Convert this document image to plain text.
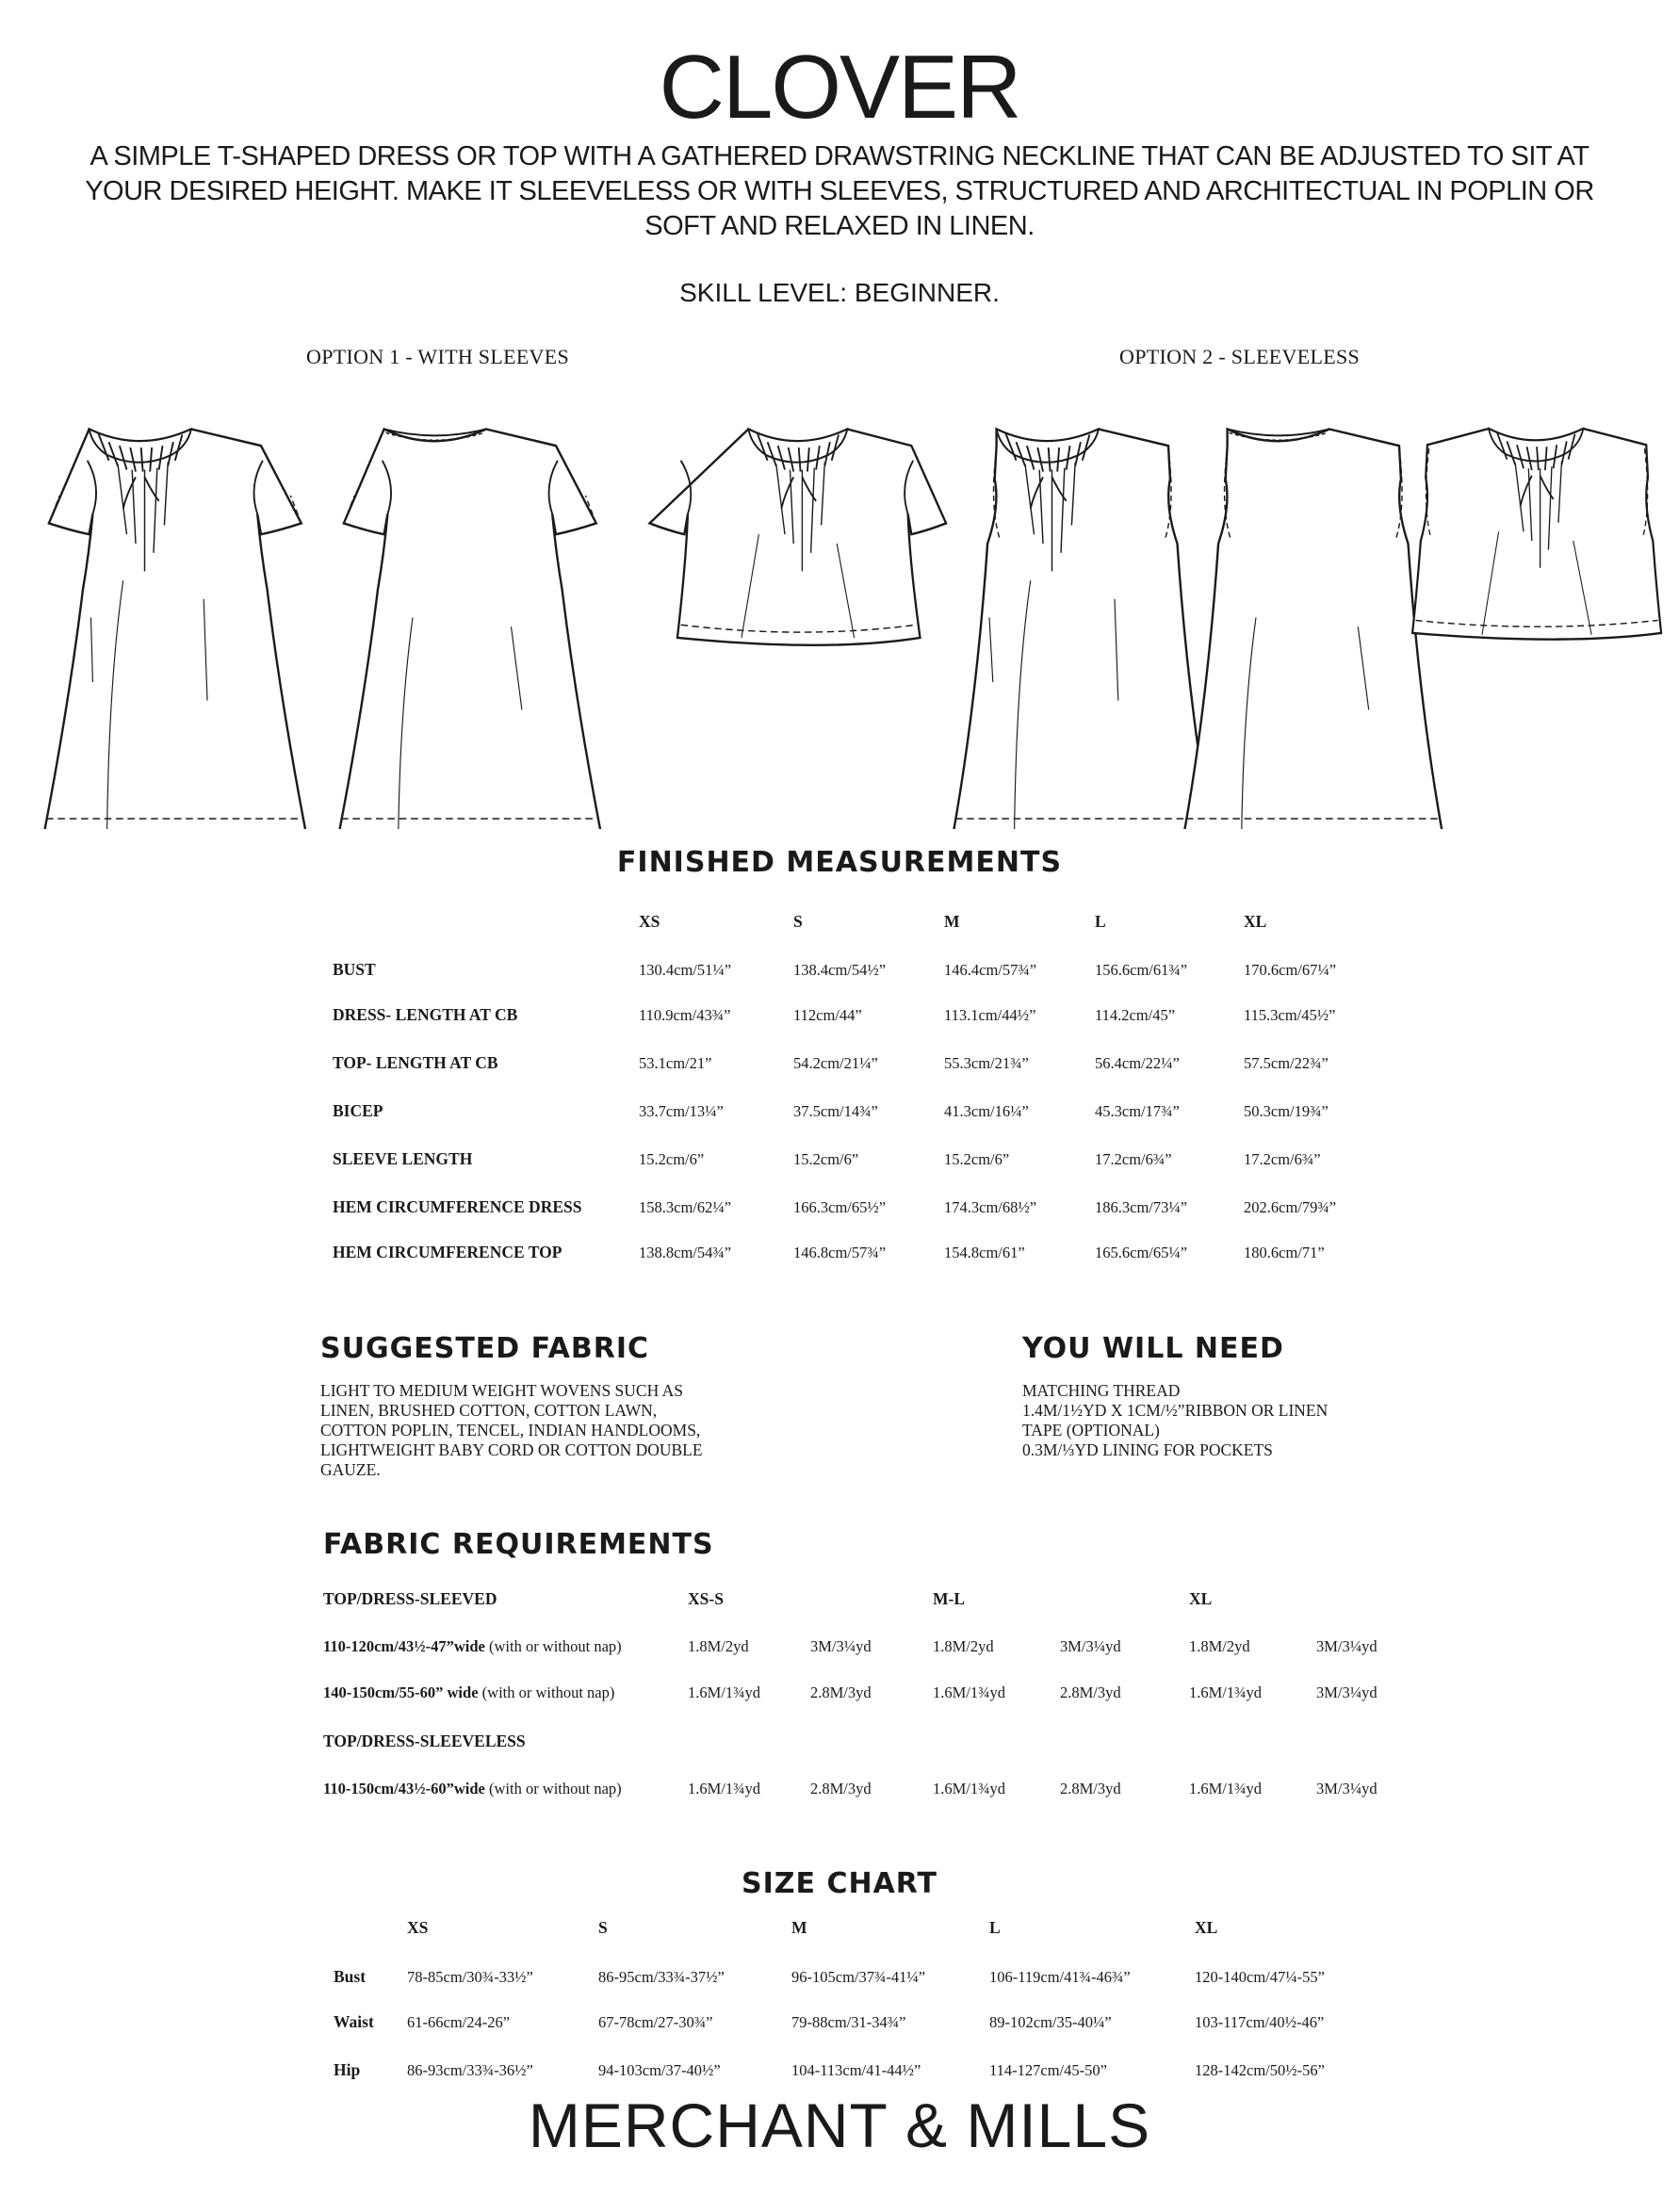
CLOVER
A SIMPLE T-SHAPED DRESS OR TOP WITH A GATHERED DRAWSTRING NECKLINE THAT CAN BE ADJUSTED TO SIT AT YOUR DESIRED HEIGHT. MAKE IT SLEEVELESS OR WITH SLEEVES, STRUCTURED AND ARCHITECTUAL IN POPLIN OR SOFT AND RELAXED IN LINEN.
SKILL LEVEL: BEGINNER.
OPTION 1 - WITH SLEEVES	OPTION 2 - SLEEVELESS
FINISHED MEASUREMENTS
XS	S	M	L	XL
BUST	130.4cm/51¼”	138.4cm/54½”	146.4cm/57¾”	156.6cm/61¾”	170.6cm/67¼”
DRESS- LENGTH AT CB	110.9cm/43¾”	112cm/44”	113.1cm/44½”	114.2cm/45”	115.3cm/45½”
TOP- LENGTH AT CB	53.1cm/21”	54.2cm/21¼”	55.3cm/21¾”	56.4cm/22¼”	57.5cm/22¾”
BICEP	33.7cm/13¼”	37.5cm/14¾”	41.3cm/16¼”	45.3cm/17¾”	50.3cm/19¾”
SLEEVE LENGTH	15.2cm/6”	15.2cm/6”	15.2cm/6”	17.2cm/6¾”	17.2cm/6¾”
HEM CIRCUMFERENCE DRESS	158.3cm/62¼”	166.3cm/65½”	174.3cm/68½”	186.3cm/73¼”	202.6cm/79¾”
HEM CIRCUMFERENCE TOP	138.8cm/54¾”	146.8cm/57¾”	154.8cm/61”	165.6cm/65¼”	180.6cm/71”
SUGGESTED FABRIC
LIGHT TO MEDIUM WEIGHT WOVENS SUCH AS
LINEN, BRUSHED COTTON, COTTON LAWN,
COTTON POPLIN, TENCEL, INDIAN HANDLOOMS,
LIGHTWEIGHT BABY CORD OR COTTON DOUBLE
GAUZE.
YOU WILL NEED
MATCHING THREAD
1.4M/1½YD X 1CM/½”RIBBON OR LINEN
TAPE (OPTIONAL)
0.3M/⅓YD LINING FOR POCKETS
FABRIC REQUIREMENTS
TOP/DRESS-SLEEVED	XS-S	M-L	XL
110-120cm/43½-47”wide (with or without nap)	1.8M/2yd	3M/3¼yd	1.8M/2yd	3M/3¼yd	1.8M/2yd	3M/3¼yd
140-150cm/55-60” wide (with or without nap)	1.6M/1¾yd	2.8M/3yd	1.6M/1¾yd	2.8M/3yd	1.6M/1¾yd	3M/3¼yd
TOP/DRESS-SLEEVELESS
110-150cm/43½-60”wide (with or without nap)	1.6M/1¾yd	2.8M/3yd	1.6M/1¾yd	2.8M/3yd	1.6M/1¾yd	3M/3¼yd
SIZE CHART
XS	S	M	L	XL
Bust	78-85cm/30¾-33½”	86-95cm/33¾-37½”	96-105cm/37¾-41¼”	106-119cm/41¾-46¾”	120-140cm/47¼-55”
Waist 61-66cm/24-26”	67-78cm/27-30¾”	79-88cm/31-34¾”	89-102cm/35-40¼”	103-117cm/40½-46”
Hip	86-93cm/33¾-36½”	94-103cm/37-40½”	104-113cm/41-44½”	114-127cm/45-50”	128-142cm/50½-56”
MERCHANT & MILLS
